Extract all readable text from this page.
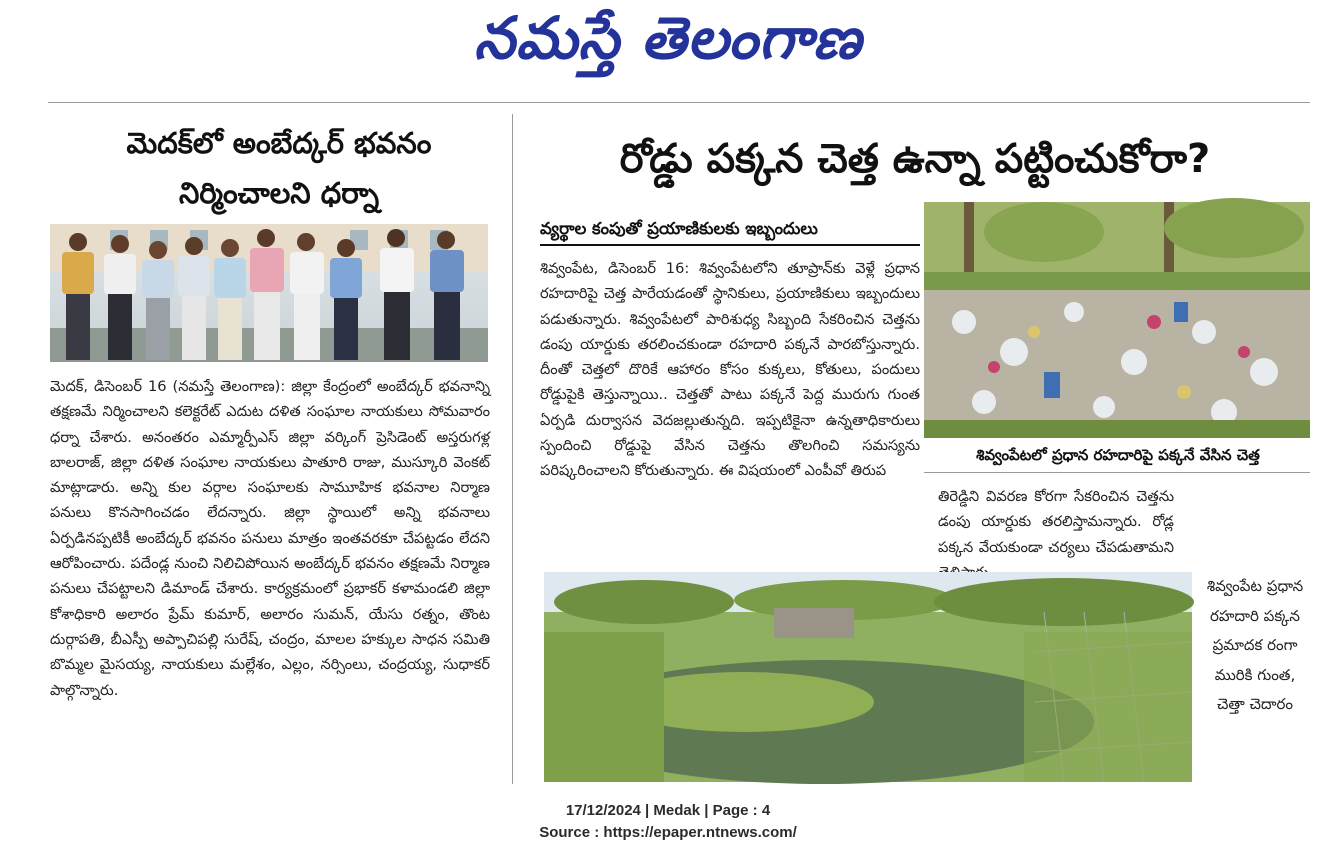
నమస్తే తెలంగాణ
మెదక్‌లో అంబేద్కర్ భవనం
నిర్మించాలని ధర్నా

మెదక్, డిసెంబర్ 16 (నమస్తే తెలంగాణ): జిల్లా కేంద్రంలో అంబేద్కర్ భవనాన్ని తక్షణమే నిర్మించాలని కలెక్టరేట్ ఎదుట దళిత సంఘాల నాయకులు సోమవారం ధర్నా చేశారు. అనంతరం ఎమ్మార్పీఎస్ జిల్లా వర్కింగ్ ప్రెసిడెంట్ అస్తరుగళ్ల బాలరాజ్, జిల్లా దళిత సంఘాల నాయకులు పాతూరి రాజు, ముస్కూరి వెంకట్ మాట్లాడారు. అన్ని కుల వర్గాల సంఘాలకు సామూహిక భవనాల నిర్మాణ పనులు కొనసాగించడం లేదన్నారు. జిల్లా స్థాయిలో అన్ని భవనాలు ఏర్పడినప్పటికీ అంబేద్కర్ భవనం పనులు మాత్రం ఇంతవరకూ చేపట్టడం లేదని ఆరోపించారు. పదేండ్ల నుంచి నిలిచిపోయిన అంబేద్కర్ భవనం తక్షణమే నిర్మాణ పనులు చేపట్టాలని డిమాండ్ చేశారు. కార్యక్రమంలో ప్రభాకర్ కళామండలి జిల్లా కోశాధికారి అలారం ప్రేమ్ కుమార్, అలారం సుమన్, యేసు రత్నం, తొంట దుర్గాపతి, బీఎస్పీ అప్పాచిపల్లి సురేష్, చంద్రం, మాలల హక్కుల సాధన సమితి బొమ్మల మైసయ్య, నాయకులు మల్లేశం, ఎల్లం, నర్సింలు, చంద్రయ్య, సుధాకర్ పాల్గొన్నారు.

రోడ్డు పక్కన చెత్త ఉన్నా పట్టించుకోరా?
వ్యర్థాల కంపుతో ప్రయాణికులకు ఇబ్బందులు

శివ్వంపేట, డిసెంబర్ 16: శివ్వంపేటలోని తూప్రాన్‌కు వెళ్లే ప్రధాన రహదారిపై చెత్త పారేయడంతో స్థానికులు, ప్రయాణికులు ఇబ్బందులు పడుతున్నారు. శివ్వంపేటలో పారిశుధ్య సిబ్బంది సేకరించిన చెత్తను డంపు యార్డుకు తరలించకుండా రహదారి పక్కనే పారబోస్తున్నారు. దీంతో చెత్తలో దొరికే ఆహారం కోసం కుక్కలు, కోతులు, పందులు రోడ్డుపైకి తెస్తున్నాయి.. చెత్తతో పాటు పక్కనే పెద్ద మురుగు గుంత ఏర్పడి దుర్వాసన వెదజల్లుతున్నది. ఇప్పటికైనా ఉన్నతాధికారులు స్పందించి రోడ్డుపై వేసిన చెత్తను తొలగించి సమస్యను పరిష్కరించాలని కోరుతున్నారు. ఈ విషయంలో ఎంపీవో తిరుప

శివ్వంపేటలో ప్రధాన రహదారిపై పక్కనే వేసిన చెత్త

తిరెడ్డిని వివరణ కోరగా సేకరించిన చెత్తను డంపు యార్డుకు తరలిస్తామన్నారు. రోడ్ల పక్కన వేయకుండా చర్యలు చేపడుతామని

శివ్వంపేట ప్రధాన రహదారి పక్కన ప్రమాదక రంగా మురికి గుంత, చెత్తా చెదారం
17/12/2024 | Medak | Page : 4
Source : https://epaper.ntnews.com/
